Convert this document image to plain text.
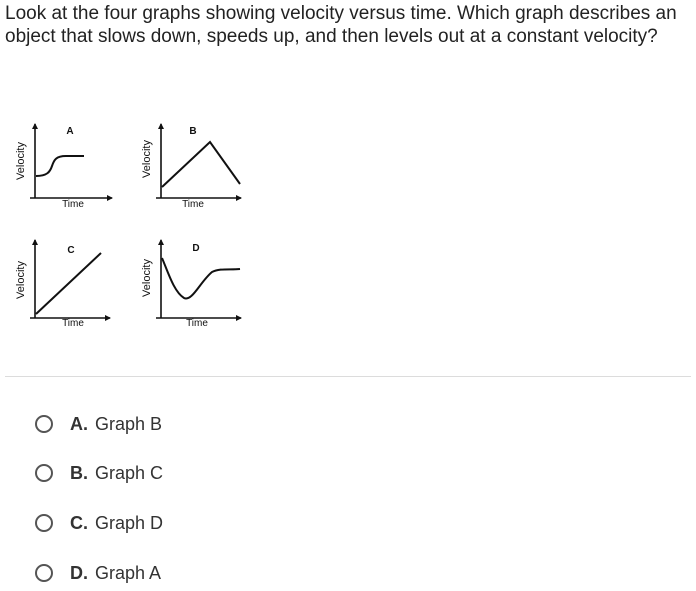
Look at the four graphs showing velocity versus time. Which graph describes an object that slows down, speeds up, and then levels out at a constant velocity?

A
Time
Velocity
B
Time
Velocity
C
Time
Velocity
D
Time
Velocity
A. Graph B
B. Graph C
C. Graph D
D. Graph A
